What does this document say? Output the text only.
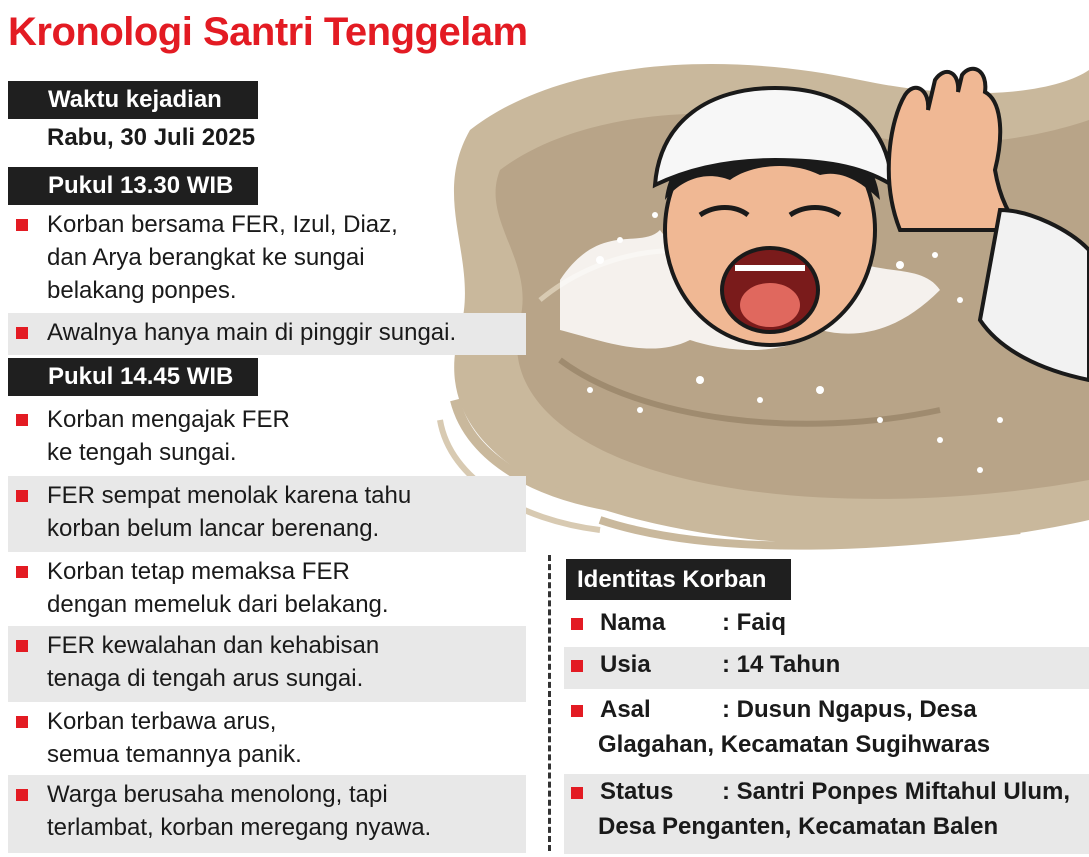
Kronologi Santri Tenggelam
Waktu kejadian
Rabu, 30 Juli 2025
Pukul 13.30 WIB
Korban bersama FER, Izul, Diaz,
dan Arya berangkat ke sungai
belakang ponpes.
Awalnya hanya main di pinggir sungai.
Pukul 14.45 WIB
Korban mengajak FER
ke tengah sungai.
FER sempat menolak karena tahu
korban belum lancar berenang.
Korban tetap memaksa FER
dengan memeluk dari belakang.
FER kewalahan dan kehabisan
tenaga di tengah arus sungai.
Korban terbawa arus,
semua temannya panik.
Warga berusaha menolong, tapi
terlambat, korban meregang nyawa.
Identitas Korban
Nama : Faiq
Usia	: 14 Tahun
Asal	: Dusun Ngapus, Desa
Glagahan, Kecamatan Sugihwaras
Status : Santri Ponpes Miftahul Ulum,
Desa Penganten, Kecamatan Balen
